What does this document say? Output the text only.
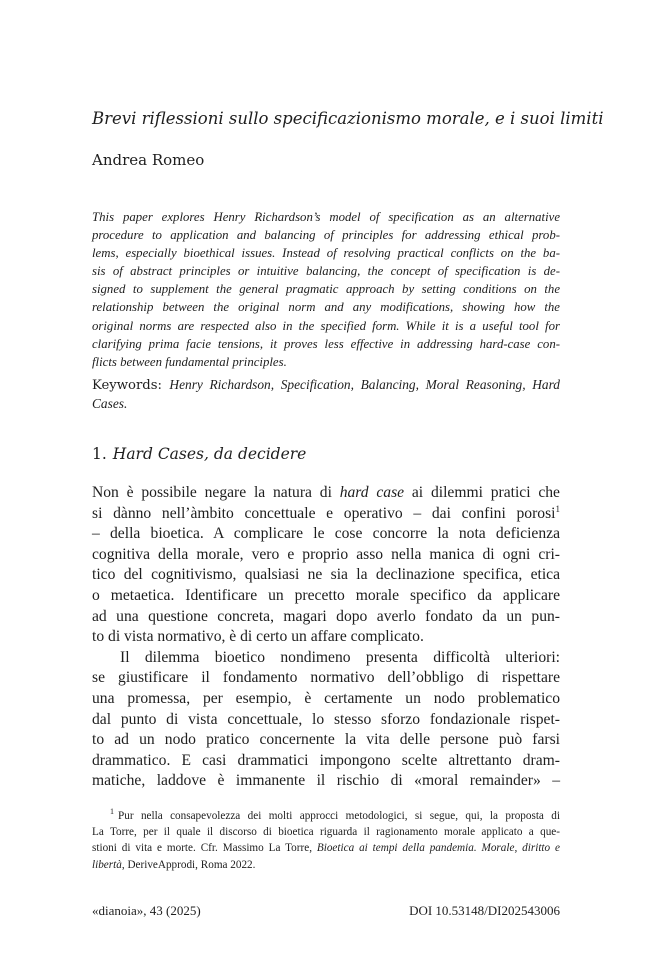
Brevi riflessioni sullo specificazionismo morale, e i suoi limiti
Andrea Romeo
This paper explores Henry Richardson’s model of specification as an alternative
procedure to application and balancing of principles for addressing ethical prob-
lems, especially bioethical issues. Instead of resolving practical conflicts on the ba-
sis of abstract principles or intuitive balancing, the concept of specification is de-
signed to supplement the general pragmatic approach by setting conditions on the
relationship between the original norm and any modifications, showing how the
original norms are respected also in the specified form. While it is a useful tool for
clarifying prima facie tensions, it proves less effective in addressing hard-case con-
flicts between fundamental principles.
Keywords: Henry Richardson, Specification, Balancing, Moral Reasoning, Hard
Cases.
1. Hard Cases, da decidere
Non è possibile negare la natura di hard case ai dilemmi pratici che
si dànno nell’àmbito concettuale e operativo – dai confini porosi$^1$
– della bioetica. A complicare le cose concorre la nota deficienza
cognitiva della morale, vero e proprio asso nella manica di ogni cri-
tico del cognitivismo, qualsiasi ne sia la declinazione specifica, etica
o metaetica. Identificare un precetto morale specifico da applicare
ad una questione concreta, magari dopo averlo fondato da un pun-
to di vista normativo, è di certo un affare complicato.
Il dilemma bioetico nondimeno presenta difficoltà ulteriori:
se giustificare il fondamento normativo dell’obbligo di rispettare
una promessa, per esempio, è certamente un nodo problematico
dal punto di vista concettuale, lo stesso sforzo fondazionale rispet-
to ad un nodo pratico concernente la vita delle persone può farsi
drammatico. E casi drammatici impongono scelte altrettanto dram-
matiche, laddove è immanente il rischio di «moral remainder» –
$^1$ Pur nella consapevolezza dei molti approcci metodologici, si segue, qui, la proposta di
La Torre, per il quale il discorso di bioetica riguarda il ragionamento morale applicato a que-
stioni di vita e morte. Cfr. Massimo La Torre, Bioetica ai tempi della pandemia. Morale, diritto e
libertà, DeriveApprodi, Roma 2022.
«dianoia», 43 (2025)	DOI 10.53148/DI202543006
